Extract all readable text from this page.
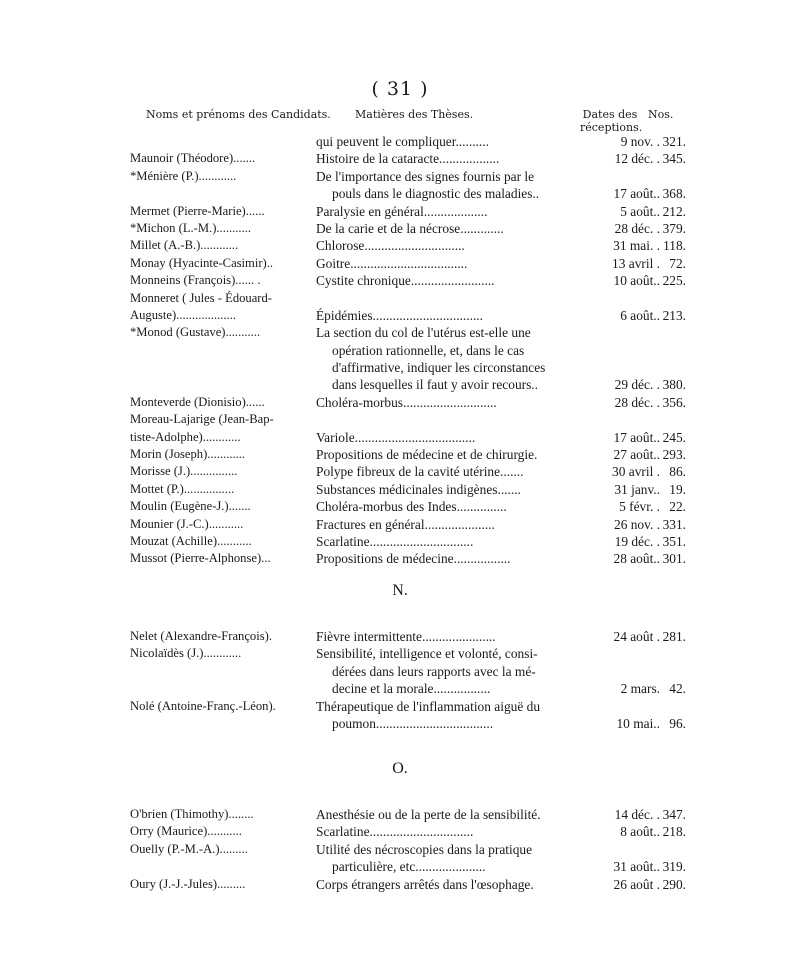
( 31 )
Noms et prénoms des Candidats. Matières des Thèses.	Dates des
réceptions.
Nos.
qui peuvent le compliquer..........	9 nov. . 321.
Maunoir (Théodore).......	Histoire de la cataracte..................	12 déc. . 345.
*Ménière (P.)............	De l'importance des signes fournis par le
pouls dans le diagnostic des maladies..	17 août.. 368.
Mermet (Pierre-Marie)......	Paralysie en général...................	5 août.. 212.
*Michon (L.-M.)...........	De la carie et de la nécrose.............	28 déc. . 379.
Millet (A.-B.)............	Chlorose..............................	31 mai. . 118.
Monay (Hyacinte-Casimir)..	Goitre...................................	13 avril . 72.
Monneins (François)...... .	Cystite chronique.........................	10 août.. 225.
Monneret ( Jules - Édouard-
Auguste)...................	Épidémies.................................	6 août.. 213.
*Monod (Gustave)...........	La section du col de l'utérus est-elle une
opération rationnelle, et, dans le cas
d'affirmative, indiquer les circonstances
dans lesquelles il faut y avoir recours..	29 déc. . 380.
Monteverde (Dionisio)......	Choléra-morbus............................	28 déc. . 356.
Moreau-Lajarige (Jean-Bap-
tiste-Adolphe)............	Variole....................................	17 août.. 245.
Morin (Joseph)............	Propositions de médecine et de chirurgie.	27 août.. 293.
Morisse (J.)...............	Polype fibreux de la cavité utérine.......	30 avril . 86.
Mottet (P.)................	Substances médicinales indigènes.......	31 janv.. 19.
Moulin (Eugène-J.).......	Choléra-morbus des Indes...............	5 févr. . 22.
Mounier (J.-C.)...........	Fractures en général.....................	26 nov. . 331.
Mouzat (Achille)...........	Scarlatine...............................	19 déc. . 351.
Mussot (Pierre-Alphonse)...	Propositions de médecine.................	28 août.. 301.
N.
Nelet (Alexandre-François).	Fièvre intermittente......................	24 août . 281.
Nicolaïdès (J.)............	Sensibilité, intelligence et volonté, consi-
dérées dans leurs rapports avec la mé-
decine et la morale.................	2 mars. 42.
Nolé (Antoine-Franç.-Léon).	Thérapeutique de l'inflammation aiguë du
poumon...................................	10 mai.. 96.
O.
O'brien (Thimothy)........	Anesthésie ou de la perte de la sensibilité.	14 déc. . 347.
Orry (Maurice)...........	Scarlatine...............................	8 août.. 218.
Ouelly (P.-M.-A.).........	Utilité des nécroscopies dans la pratique
particulière, etc.....................	31 août.. 319.
Oury (J.-J.-Jules).........	Corps étrangers arrêtés dans l'œsophage.	26 août . 290.
